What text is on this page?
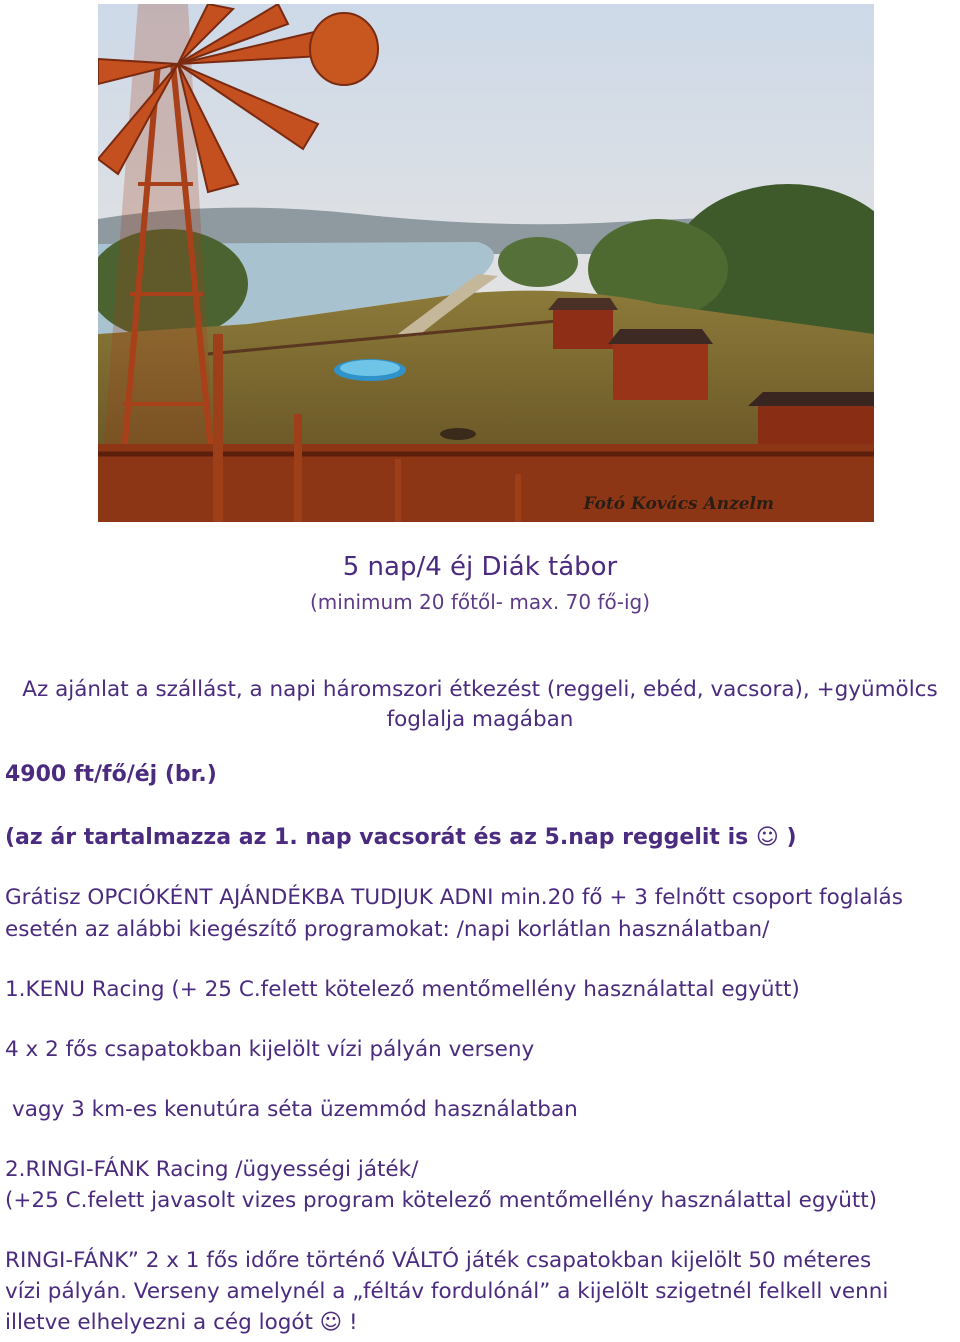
Fotó Kovács Anzelm
5 nap/4 éj Diák tábor
(minimum 20 főtől- max. 70 fő-ig)
Az ajánlat a szállást, a napi háromszori étkezést (reggeli, ebéd, vacsora), +gyümölcs
foglalja magában
4900 ft/fő/éj (br.)
(az ár tartalmazza az 1. nap vacsorát és az 5.nap reggelit is ☺ )
Grátisz OPCIÓKÉNT AJÁNDÉKBA TUDJUK ADNI min.20 fő + 3 felnőtt csoport foglalás
esetén az alábbi kiegészítő programokat: /napi korlátlan használatban/
1.KENU Racing (+ 25 C.felett kötelező mentőmellény használattal együtt)
4 x 2 fős csapatokban kijelölt vízi pályán verseny
vagy 3 km-es kenutúra séta üzemmód használatban
2.RINGI-FÁNK Racing /ügyességi játék/
(+25 C.felett javasolt vizes program kötelező mentőmellény használattal együtt)
RINGI-FÁNK” 2 x 1 fős időre történő VÁLTÓ játék csapatokban kijelölt 50 méteres
vízi pályán. Verseny amelynél a „féltáv fordulónál” a kijelölt szigetnél felkell venni
illetve elhelyezni a cég logót ☺ !
